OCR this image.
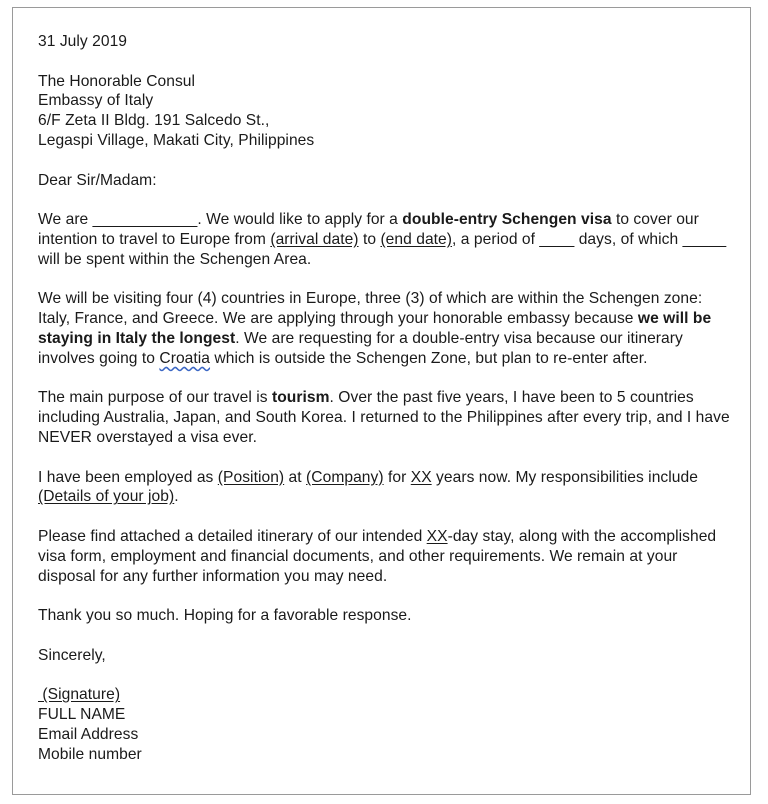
31 July 2019

The Honorable Consul

Embassy of Italy

6/F Zeta II Bldg. 191 Salcedo St.,

Legaspi Village, Makati City, Philippines

Dear Sir/Madam:

We are ____________. We would like to apply for a double-entry Schengen visa to cover our intention to travel to Europe from (arrival date) to (end date), a period of ____ days, of which _____ will be spent within the Schengen Area.

We will be visiting four (4) countries in Europe, three (3) of which are within the Schengen zone: Italy, France, and Greece. We are applying through your honorable embassy because we will be staying in Italy the longest. We are requesting for a double-entry visa because our itinerary involves going to Croatia which is outside the Schengen Zone, but plan to re-enter after.

The main purpose of our travel is tourism. Over the past five years, I have been to 5 countries including Australia, Japan, and South Korea. I returned to the Philippines after every trip, and I have NEVER overstayed a visa ever.

I have been employed as (Position) at (Company) for XX years now. My responsibilities include (Details of your job).

Please find attached a detailed itinerary of our intended XX-day stay, along with the accomplished visa form, employment and financial documents, and other requirements. We remain at your disposal for any further information you may need.

Thank you so much. Hoping for a favorable response.

Sincerely,

(Signature)

FULL NAME

Email Address

Mobile number
